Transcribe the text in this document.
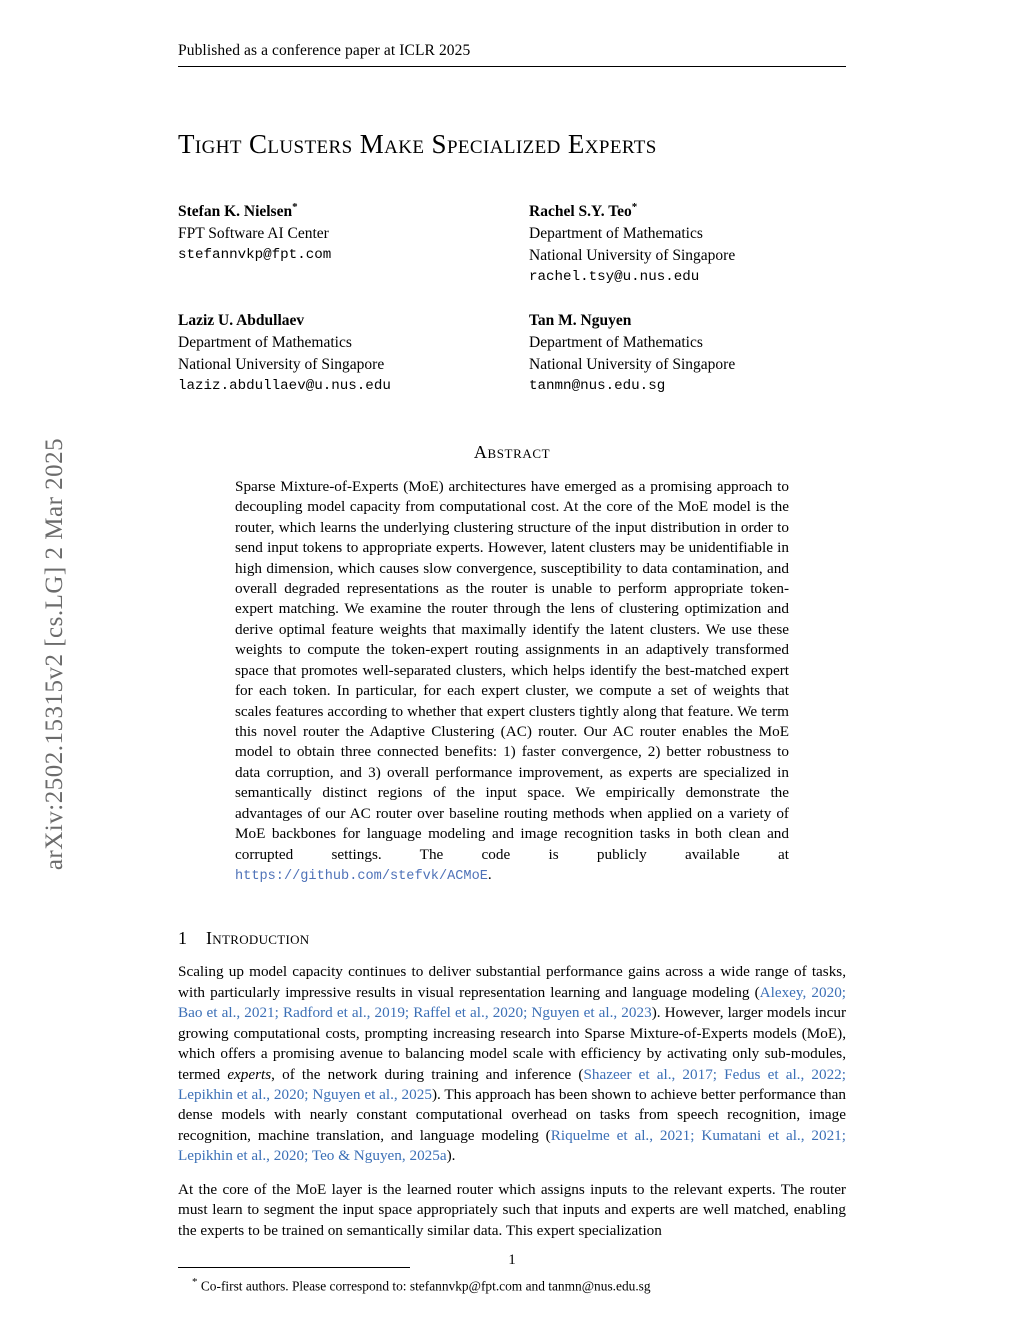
arXiv:2502.15315v2 [cs.LG] 2 Mar 2025
Published as a conference paper at ICLR 2025
Tight Clusters Make Specialized Experts
Stefan K. Nielsen*
FPT Software AI Center
stefannvkp@fpt.com
Rachel S.Y. Teo*
Department of Mathematics
National University of Singapore
rachel.tsy@u.nus.edu
Laziz U. Abdullaev
Department of Mathematics
National University of Singapore
laziz.abdullaev@u.nus.edu
Tan M. Nguyen
Department of Mathematics
National University of Singapore
tanmn@nus.edu.sg
Abstract
Sparse Mixture-of-Experts (MoE) architectures have emerged as a promising approach to decoupling model capacity from computational cost. At the core of the MoE model is the router, which learns the underlying clustering structure of the input distribution in order to send input tokens to appropriate experts. However, latent clusters may be unidentifiable in high dimension, which causes slow convergence, susceptibility to data contamination, and overall degraded representations as the router is unable to perform appropriate token-expert matching. We examine the router through the lens of clustering optimization and derive optimal feature weights that maximally identify the latent clusters. We use these weights to compute the token-expert routing assignments in an adaptively transformed space that promotes well-separated clusters, which helps identify the best-matched expert for each token. In particular, for each expert cluster, we compute a set of weights that scales features according to whether that expert clusters tightly along that feature. We term this novel router the Adaptive Clustering (AC) router. Our AC router enables the MoE model to obtain three connected benefits: 1) faster convergence, 2) better robustness to data corruption, and 3) overall performance improvement, as experts are specialized in semantically distinct regions of the input space. We empirically demonstrate the advantages of our AC router over baseline routing methods when applied on a variety of MoE backbones for language modeling and image recognition tasks in both clean and corrupted settings. The code is publicly available at https://github.com/stefvk/ACMoE.
1 Introduction
Scaling up model capacity continues to deliver substantial performance gains across a wide range of tasks, with particularly impressive results in visual representation learning and language modeling (Alexey, 2020; Bao et al., 2021; Radford et al., 2019; Raffel et al., 2020; Nguyen et al., 2023). However, larger models incur growing computational costs, prompting increasing research into Sparse Mixture-of-Experts models (MoE), which offers a promising avenue to balancing model scale with efficiency by activating only sub-modules, termed experts, of the network during training and inference (Shazeer et al., 2017; Fedus et al., 2022; Lepikhin et al., 2020; Nguyen et al., 2025). This approach has been shown to achieve better performance than dense models with nearly constant computational overhead on tasks from speech recognition, image recognition, machine translation, and language modeling (Riquelme et al., 2021; Kumatani et al., 2021; Lepikhin et al., 2020; Teo & Nguyen, 2025a).
At the core of the MoE layer is the learned router which assigns inputs to the relevant experts. The router must learn to segment the input space appropriately such that inputs and experts are well matched, enabling the experts to be trained on semantically similar data. This expert specialization
* Co-first authors. Please correspond to: stefannvkp@fpt.com and tanmn@nus.edu.sg
1
